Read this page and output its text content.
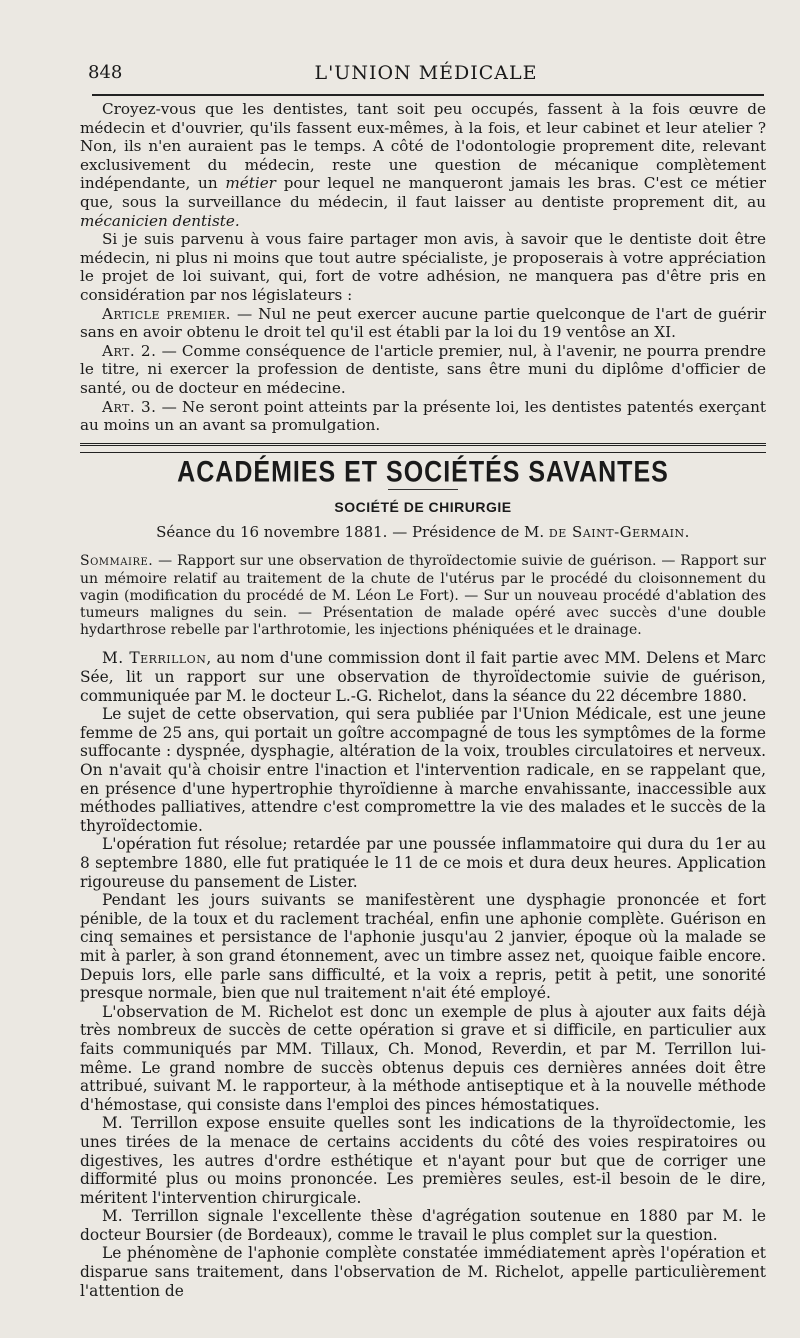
848	L'UNION MÉDICALE

Croyez-vous que les dentistes, tant soit peu occupés, fassent à la fois œuvre de médecin et d'ouvrier, qu'ils fassent eux-mêmes, à la fois, et leur cabinet et leur atelier ? Non, ils n'en auraient pas le temps. A côté de l'odontologie proprement dite, relevant exclusivement du médecin, reste une question de mécanique complètement indépendante, un métier pour lequel ne manqueront jamais les bras. C'est ce métier que, sous la surveillance du médecin, il faut laisser au dentiste proprement dit, au mécanicien dentiste.

Si je suis parvenu à vous faire partager mon avis, à savoir que le dentiste doit être médecin, ni plus ni moins que tout autre spécialiste, je proposerais à votre appréciation le projet de loi suivant, qui, fort de votre adhésion, ne manquera pas d'être pris en considération par nos législateurs :

Article premier. — Nul ne peut exercer aucune partie quelconque de l'art de guérir sans en avoir obtenu le droit tel qu'il est établi par la loi du 19 ventôse an XI.

Art. 2. — Comme conséquence de l'article premier, nul, à l'avenir, ne pourra prendre le titre, ni exercer la profession de dentiste, sans être muni du diplôme d'officier de santé, ou de docteur en médecine.

Art. 3. — Ne seront point atteints par la présente loi, les dentistes patentés exerçant au moins un an avant sa promulgation.

ACADÉMIES ET SOCIÉTÉS SAVANTES
SOCIÉTÉ DE CHIRURGIE
Séance du 16 novembre 1881. — Présidence de M. de Saint-Germain.

Sommaire. — Rapport sur une observation de thyroïdectomie suivie de guérison. — Rapport sur un mémoire relatif au traitement de la chute de l'utérus par le procédé du cloisonnement du vagin (modification du procédé de M. Léon Le Fort). — Sur un nouveau procédé d'ablation des tumeurs malignes du sein. — Présentation de malade opéré avec succès d'une double hydarthrose rebelle par l'arthrotomie, les injections phéniquées et le drainage.

M. Terrillon, au nom d'une commission dont il fait partie avec MM. Delens et Marc Sée, lit un rapport sur une observation de thyroïdectomie suivie de guérison, communiquée par M. le docteur L.-G. Richelot, dans la séance du 22 décembre 1880.

Le sujet de cette observation, qui sera publiée par l'Union Médicale, est une jeune femme de 25 ans, qui portait un goître accompagné de tous les symptômes de la forme suffocante : dyspnée, dysphagie, altération de la voix, troubles circulatoires et nerveux. On n'avait qu'à choisir entre l'inaction et l'intervention radicale, en se rappelant que, en présence d'une hypertrophie thyroïdienne à marche envahissante, inaccessible aux méthodes palliatives, attendre c'est compromettre la vie des malades et le succès de la thyroïdectomie.

L'opération fut résolue; retardée par une poussée inflammatoire qui dura du 1er au 8 septembre 1880, elle fut pratiquée le 11 de ce mois et dura deux heures. Application rigoureuse du pansement de Lister.

Pendant les jours suivants se manifestèrent une dysphagie prononcée et fort pénible, de la toux et du raclement trachéal, enfin une aphonie complète. Guérison en cinq semaines et persistance de l'aphonie jusqu'au 2 janvier, époque où la malade se mit à parler, à son grand étonnement, avec un timbre assez net, quoique faible encore. Depuis lors, elle parle sans difficulté, et la voix a repris, petit à petit, une sonorité presque normale, bien que nul traitement n'ait été employé.

L'observation de M. Richelot est donc un exemple de plus à ajouter aux faits déjà très nombreux de succès de cette opération si grave et si difficile, en particulier aux faits communiqués par MM. Tillaux, Ch. Monod, Reverdin, et par M. Terrillon lui-même. Le grand nombre de succès obtenus depuis ces dernières années doit être attribué, suivant M. le rapporteur, à la méthode antiseptique et à la nouvelle méthode d'hémostase, qui consiste dans l'emploi des pinces hémostatiques.

M. Terrillon expose ensuite quelles sont les indications de la thyroïdectomie, les unes tirées de la menace de certains accidents du côté des voies respiratoires ou digestives, les autres d'ordre esthétique et n'ayant pour but que de corriger une difformité plus ou moins prononcée. Les premières seules, est-il besoin de le dire, méritent l'intervention chirurgicale.

M. Terrillon signale l'excellente thèse d'agrégation soutenue en 1880 par M. le docteur Boursier (de Bordeaux), comme le travail le plus complet sur la question.

Le phénomène de l'aphonie complète constatée immédiatement après l'opération et disparue sans traitement, dans l'observation de M. Richelot, appelle particulièrement l'attention de
